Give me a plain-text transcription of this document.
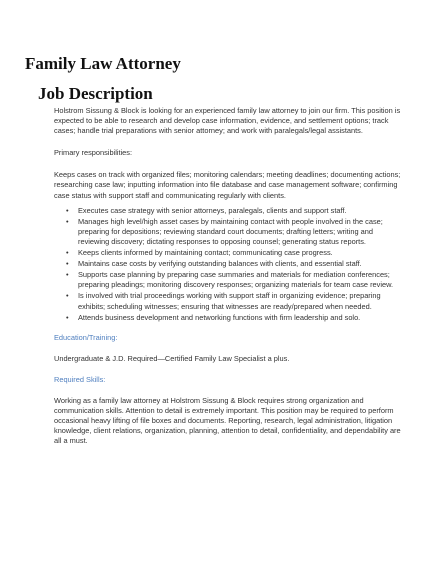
Family Law Attorney
Job Description

Holstrom Sissung & Block is looking for an experienced family law attorney to join our firm. This position is expected to be able to research and develop case information, evidence, and settlement options; track cases; handle trial preparations with senior attorney; and work with paralegals/legal assistants.

Primary responsibilities:

Keeps cases on track with organized files; monitoring calendars; meeting deadlines; documenting actions; researching case law; inputting information into file database and case management software; confirming case status with support staff and communicating regularly with clients.

• Executes case strategy with senior attorneys, paralegals, clients and support staff.
• Manages high level/high asset cases by maintaining contact with people involved in the case; preparing for depositions; reviewing standard court documents; drafting letters; writing and reviewing discovery; dictating responses to opposing counsel; generating status reports.
• Keeps clients informed by maintaining contact; communicating case progress.
• Maintains case costs by verifying outstanding balances with clients, and essential staff.
• Supports case planning by preparing case summaries and materials for mediation conferences; preparing pleadings; monitoring discovery responses; organizing materials for team case review.
• Is involved with trial proceedings working with support staff in organizing evidence; preparing exhibits; scheduling witnesses; ensuring that witnesses are ready/prepared when needed.
• Attends business development and networking functions with firm leadership and solo.

Education/Training:

Undergraduate & J.D. Required—Certified Family Law Specialist a plus.

Required Skills:

Working as a family law attorney at Holstrom Sissung & Block requires strong organization and communication skills. Attention to detail is extremely important. This position may be required to perform occasional heavy lifting of file boxes and documents. Reporting, research, legal administration, litigation knowledge, client relations, organization, planning, attention to detail, confidentiality, and dependability are all a must.
